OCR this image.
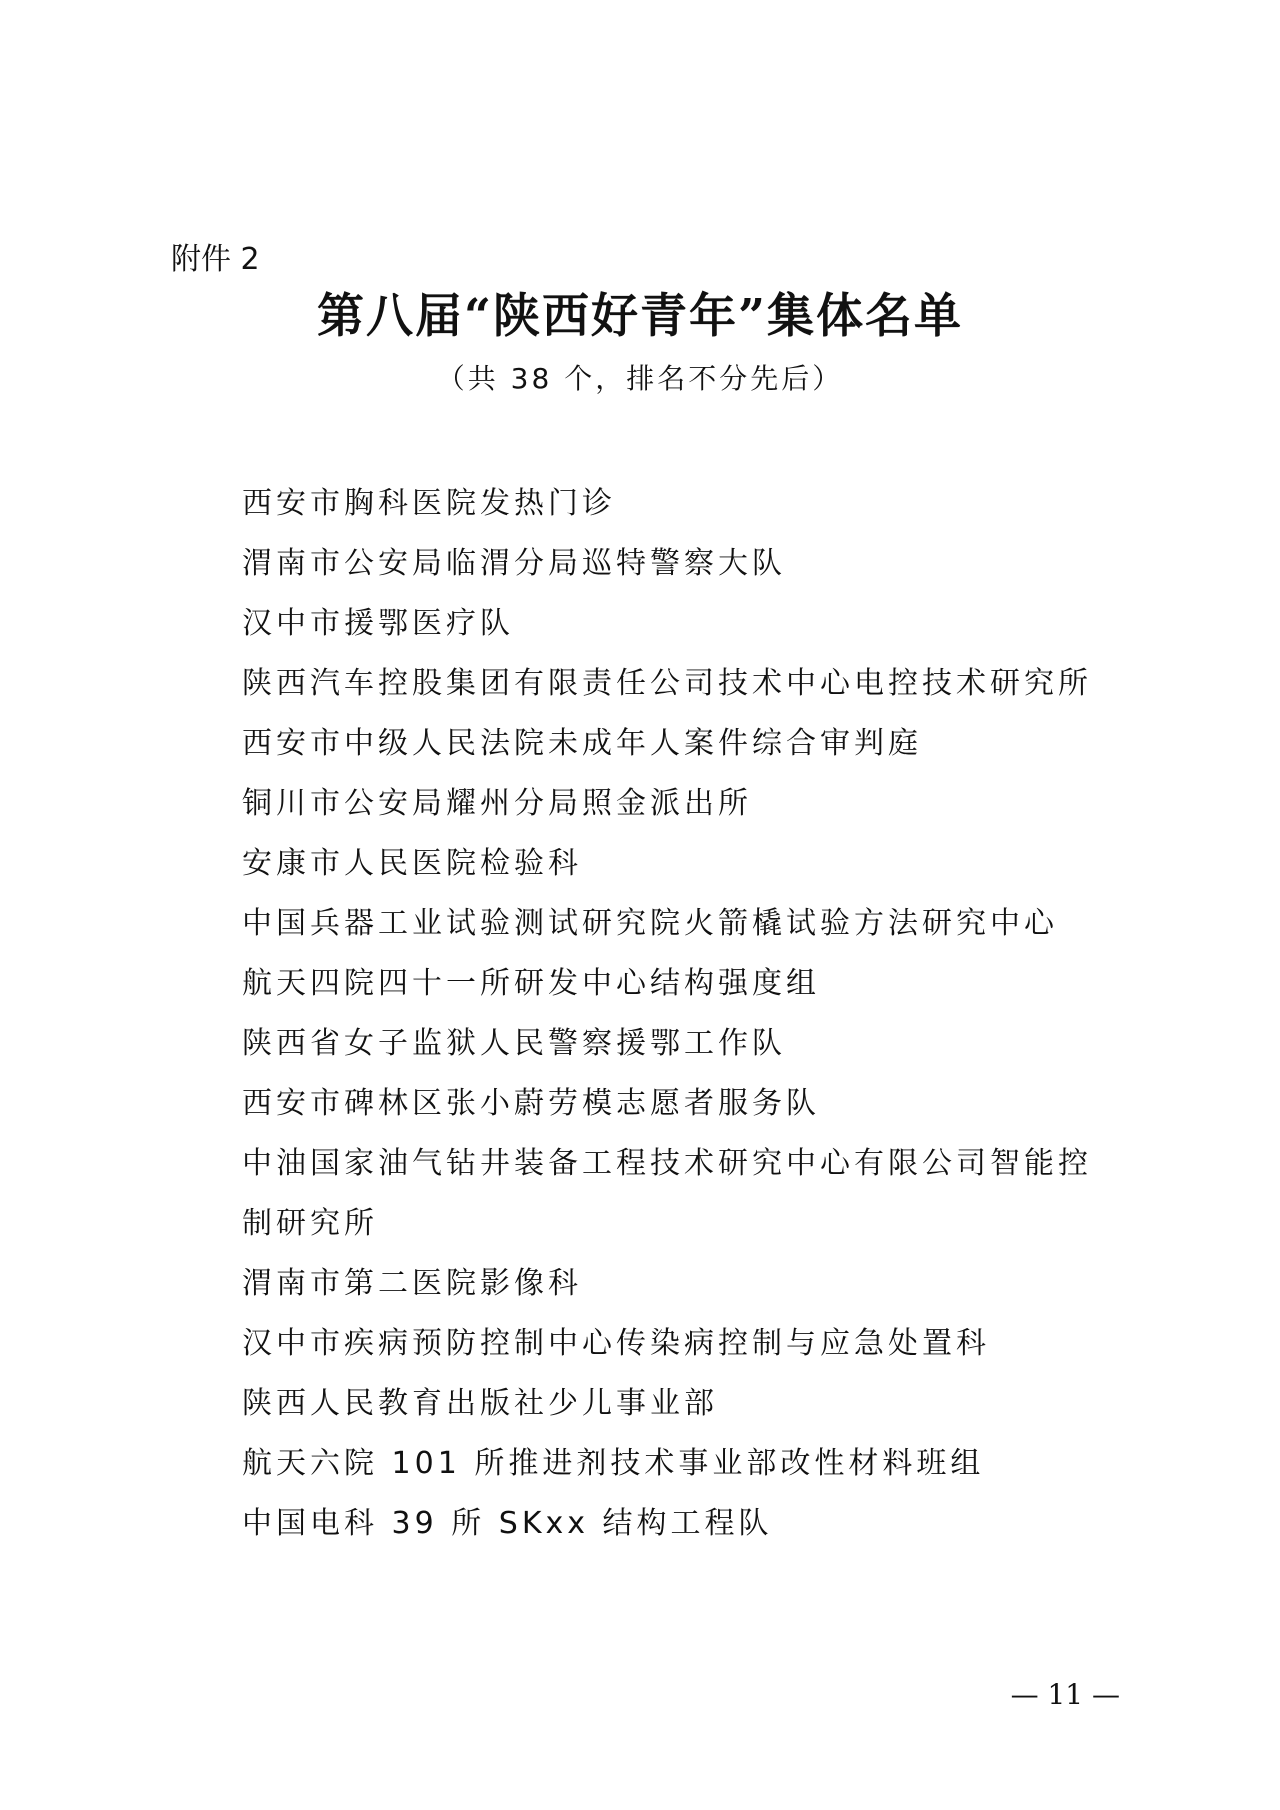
附件 2
第八届“陕西好青年”集体名单
（共 38 个，排名不分先后）
西安市胸科医院发热门诊
渭南市公安局临渭分局巡特警察大队
汉中市援鄂医疗队
陕西汽车控股集团有限责任公司技术中心电控技术研究所
西安市中级人民法院未成年人案件综合审判庭
铜川市公安局耀州分局照金派出所
安康市人民医院检验科
中国兵器工业试验测试研究院火箭橇试验方法研究中心
航天四院四十一所研发中心结构强度组
陕西省女子监狱人民警察援鄂工作队
西安市碑林区张小蔚劳模志愿者服务队
中油国家油气钻井装备工程技术研究中心有限公司智能控制研究所
渭南市第二医院影像科
汉中市疾病预防控制中心传染病控制与应急处置科
陕西人民教育出版社少儿事业部
航天六院 101 所推进剂技术事业部改性材料班组
中国电科 39 所 SKxx 结构工程队
— 11 —
